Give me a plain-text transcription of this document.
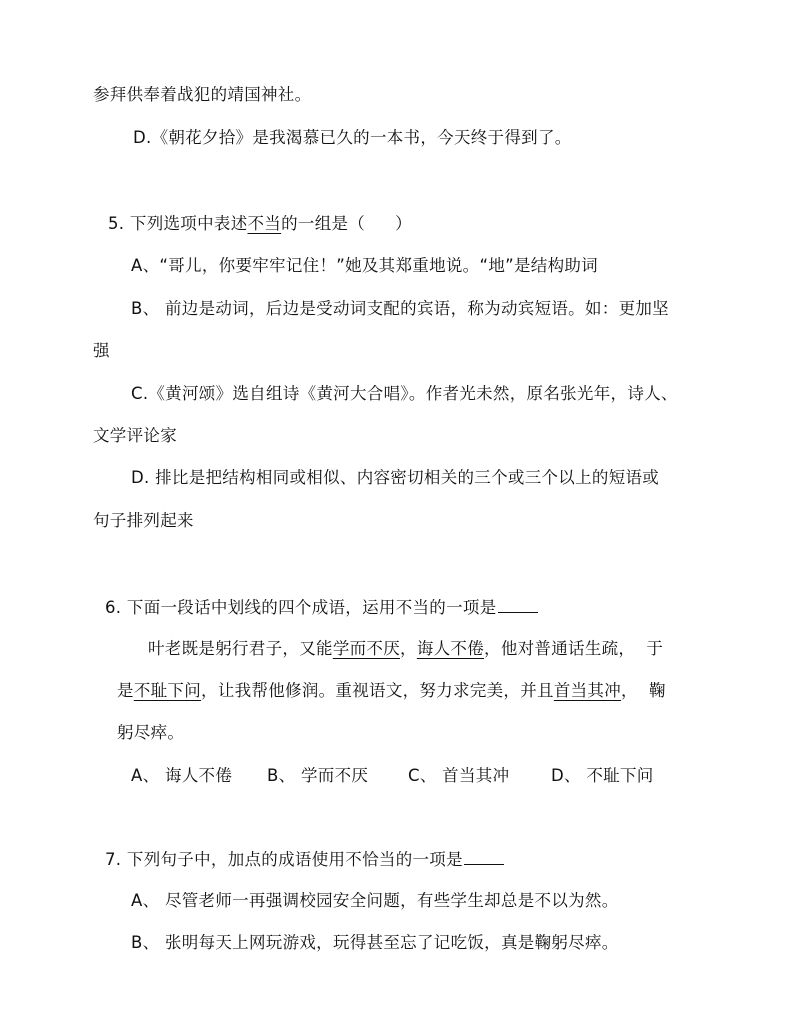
参拜供奉着战犯的靖国神社。
D.《朝花夕拾》是我渴慕已久的一本书，今天终于得到了。
5. 下列选项中表述不当的一组是（ ）
A、“哥儿，你要牢牢记住！”她及其郑重地说。“地”是结构助词
B、 前边是动词，后边是受动词支配的宾语，称为动宾短语。如：更加坚
强
C.《黄河颂》选自组诗《黄河大合唱》。作者光未然，原名张光年，诗人、
文学评论家
D. 排比是把结构相同或相似、内容密切相关的三个或三个以上的短语或
句子排列起来
6. 下面一段话中划线的四个成语，运用不当的一项是
叶老既是躬行君子，又能学而不厌，诲人不倦，他对普通话生疏， 于
是不耻下问，让我帮他修润。重视语文，努力求完美，并且首当其冲， 鞠
躬尽瘁。
A、 诲人不倦 B、 学而不厌 C、 首当其冲	D、 不耻下问
7. 下列句子中，加点的成语使用不恰当的一项是
A、 尽管老师一再强调校园安全问题，有些学生却总是不以为然。
B、 张明每天上网玩游戏，玩得甚至忘了记吃饭，真是鞠躬尽瘁。
